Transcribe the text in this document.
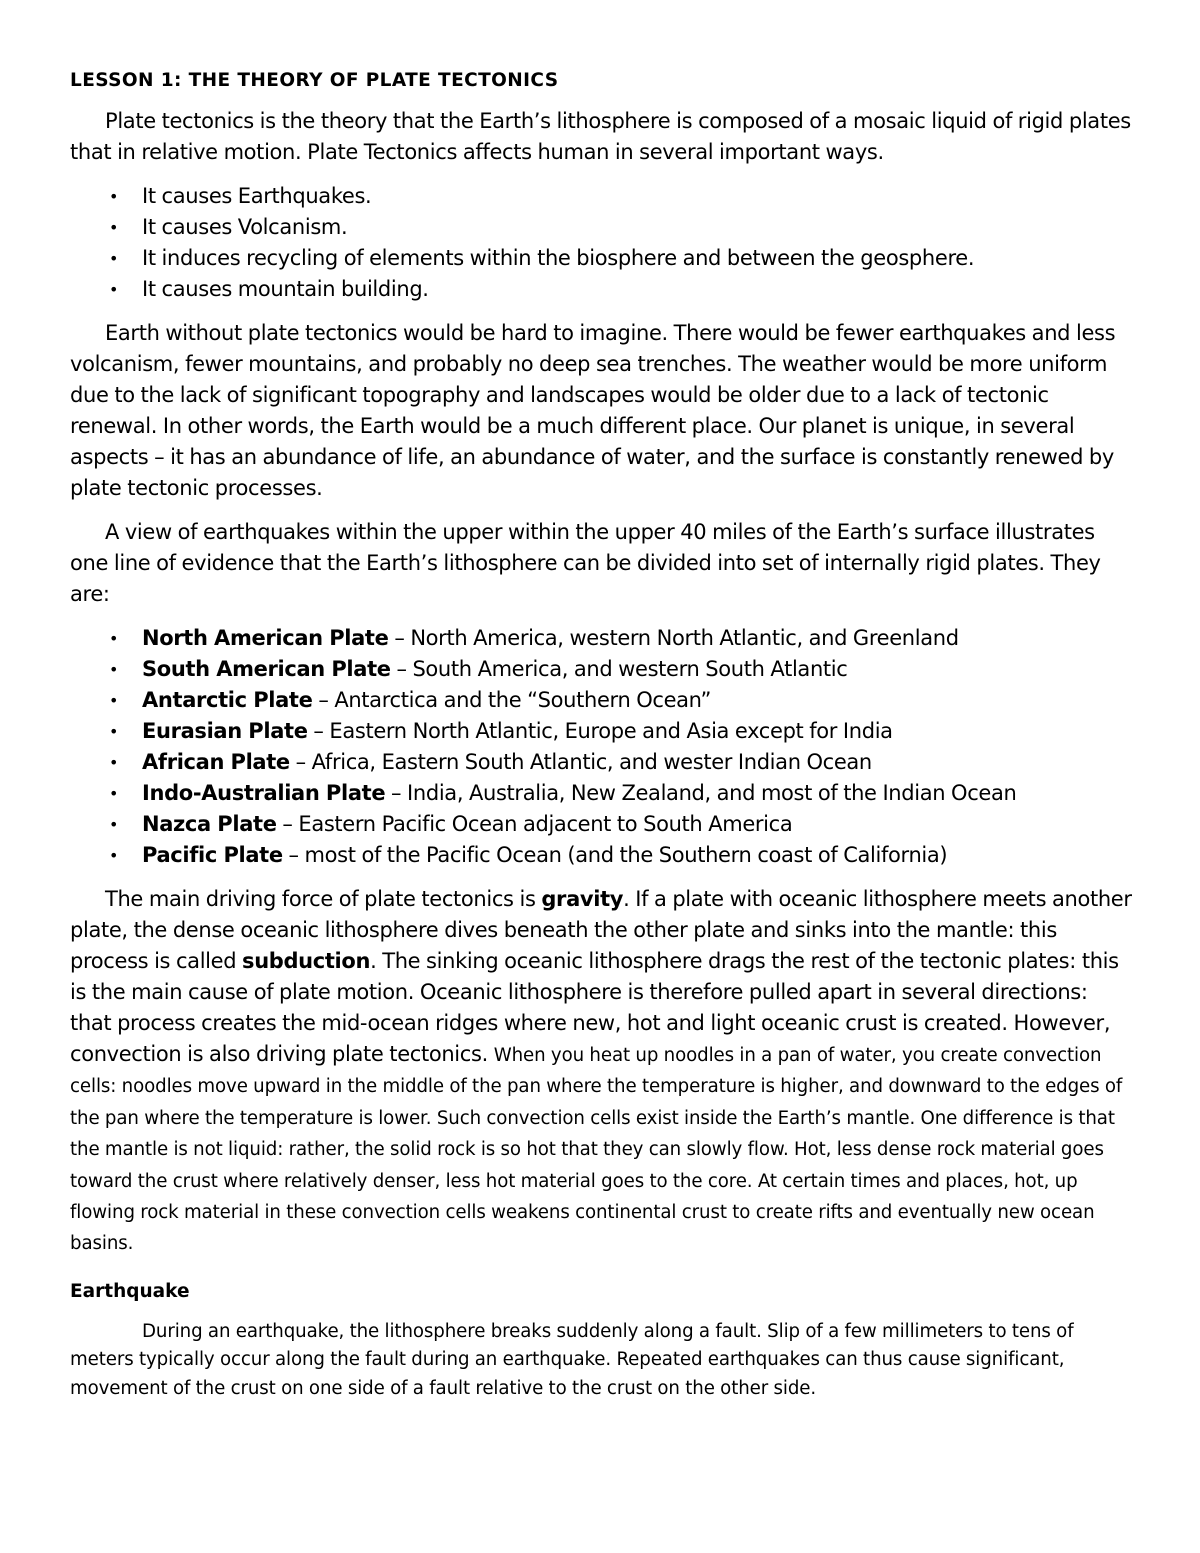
LESSON 1: THE THEORY OF PLATE TECTONICS

Plate tectonics is the theory that the Earth’s lithosphere is composed of a mosaic liquid of rigid plates that in relative motion. Plate Tectonics affects human in several important ways.

• It causes Earthquakes.
• It causes Volcanism.
• It induces recycling of elements within the biosphere and between the geosphere.
• It causes mountain building.

Earth without plate tectonics would be hard to imagine. There would be fewer earthquakes and less volcanism, fewer mountains, and probably no deep sea trenches. The weather would be more uniform due to the lack of significant topography and landscapes would be older due to a lack of tectonic renewal. In other words, the Earth would be a much different place. Our planet is unique, in several aspects – it has an abundance of life, an abundance of water, and the surface is constantly renewed by plate tectonic processes.

A view of earthquakes within the upper within the upper 40 miles of the Earth’s surface illustrates one line of evidence that the Earth’s lithosphere can be divided into set of internally rigid plates. They are:

• North American Plate – North America, western North Atlantic, and Greenland
• South American Plate – South America, and western South Atlantic
• Antarctic Plate – Antarctica and the “Southern Ocean”
• Eurasian Plate – Eastern North Atlantic, Europe and Asia except for India
• African Plate – Africa, Eastern South Atlantic, and wester Indian Ocean
• Indo-Australian Plate – India, Australia, New Zealand, and most of the Indian Ocean
• Nazca Plate – Eastern Pacific Ocean adjacent to South America
• Pacific Plate – most of the Pacific Ocean (and the Southern coast of California)

The main driving force of plate tectonics is gravity. If a plate with oceanic lithosphere meets another plate, the dense oceanic lithosphere dives beneath the other plate and sinks into the mantle: this process is called subduction. The sinking oceanic lithosphere drags the rest of the tectonic plates: this is the main cause of plate motion. Oceanic lithosphere is therefore pulled apart in several directions: that process creates the mid-ocean ridges where new, hot and light oceanic crust is created. However, convection is also driving plate tectonics. When you heat up noodles in a pan of water, you create convection cells: noodles move upward in the middle of the pan where the temperature is higher, and downward to the edges of the pan where the temperature is lower. Such convection cells exist inside the Earth’s mantle. One difference is that the mantle is not liquid: rather, the solid rock is so hot that they can slowly flow. Hot, less dense rock material goes toward the crust where relatively denser, less hot material goes to the core. At certain times and places, hot, up flowing rock material in these convection cells weakens continental crust to create rifts and eventually new ocean basins.

Earthquake

During an earthquake, the lithosphere breaks suddenly along a fault. Slip of a few millimeters to tens of meters typically occur along the fault during an earthquake. Repeated earthquakes can thus cause significant, movement of the crust on one side of a fault relative to the crust on the other side.
